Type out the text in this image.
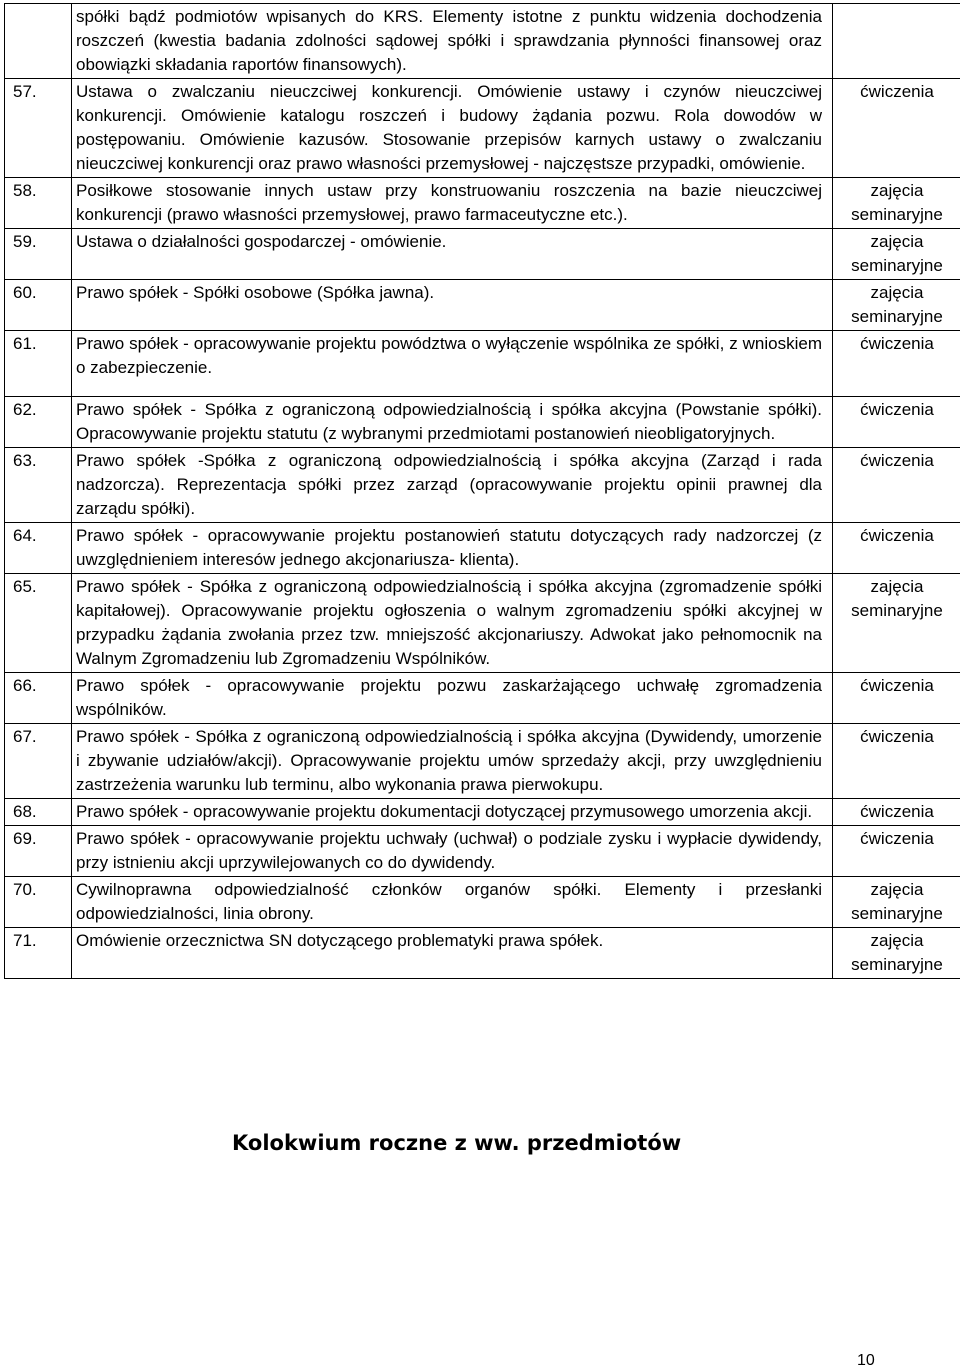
	spółki bądź podmiotów wpisanych do KRS. Elementy istotne z punktu widzenia dochodzenia roszczeń (kwestia badania zdolności sądowej spółki i sprawdzania płynności finansowej oraz obowiązki składania raportów finansowych).	

57.	Ustawa o zwalczaniu nieuczciwej konkurencji. Omówienie ustawy i czynów nieuczciwej konkurencji. Omówienie katalogu roszczeń i budowy żądania pozwu. Rola dowodów w postępowaniu. Omówienie kazusów. Stosowanie przepisów karnych ustawy o zwalczaniu nieuczciwej konkurencji oraz prawo własności przemysłowej - najczęstsze przypadki, omówienie.	ćwiczenia

58.	Posiłkowe stosowanie innych ustaw przy konstruowaniu roszczenia na bazie nieuczciwej konkurencji (prawo własności przemysłowej, prawo farmaceutyczne etc.).	zajęcia
seminaryjne

59.	Ustawa o działalności gospodarczej - omówienie.	zajęcia
seminaryjne

60.	Prawo spółek - Spółki osobowe (Spółka jawna).	zajęcia
seminaryjne

61.	Prawo spółek - opracowywanie projektu powództwa o wyłączenie wspólnika ze spółki, z wnioskiem o zabezpieczenie.	ćwiczenia

62.	Prawo spółek - Spółka z ograniczoną odpowiedzialnością i spółka akcyjna (Powstanie spółki). Opracowywanie projektu statutu (z wybranymi przedmiotami postanowień nieobligatoryjnych.	ćwiczenia

63.	Prawo spółek -Spółka z ograniczoną odpowiedzialnością i spółka akcyjna (Zarząd i rada nadzorcza). Reprezentacja spółki przez zarząd (opracowywanie projektu opinii prawnej dla zarządu spółki).	ćwiczenia

64.	Prawo spółek - opracowywanie projektu postanowień statutu dotyczących rady nadzorczej (z uwzględnieniem interesów jednego akcjonariusza- klienta).	ćwiczenia

65.	Prawo spółek - Spółka z ograniczoną odpowiedzialnością i spółka akcyjna (zgromadzenie spółki kapitałowej). Opracowywanie projektu ogłoszenia o walnym zgromadzeniu spółki akcyjnej w przypadku żądania zwołania przez tzw. mniejszość akcjonariuszy. Adwokat jako pełnomocnik na Walnym Zgromadzeniu lub Zgromadzeniu Wspólników.	zajęcia
seminaryjne

66.	Prawo spółek - opracowywanie projektu pozwu zaskarżającego uchwałę zgromadzenia wspólników.	ćwiczenia

67.	Prawo spółek - Spółka z ograniczoną odpowiedzialnością i spółka akcyjna (Dywidendy, umorzenie i zbywanie udziałów/akcji). Opracowywanie projektu umów sprzedaży akcji, przy uwzględnieniu zastrzeżenia warunku lub terminu, albo wykonania prawa pierwokupu.	ćwiczenia

68.	Prawo spółek - opracowywanie projektu dokumentacji dotyczącej przymusowego umorzenia akcji.	ćwiczenia

69.	Prawo spółek - opracowywanie projektu uchwały (uchwał) o podziale zysku i wypłacie dywidendy, przy istnieniu akcji uprzywilejowanych co do dywidendy.	ćwiczenia

70.	Cywilnoprawna odpowiedzialność członków organów spółki. Elementy i przesłanki odpowiedzialności, linia obrony.	zajęcia
seminaryjne

71.	Omówienie orzecznictwa SN dotyczącego problematyki prawa spółek.	zajęcia
seminaryjne
Kolokwium roczne z ww. przedmiotów
10
